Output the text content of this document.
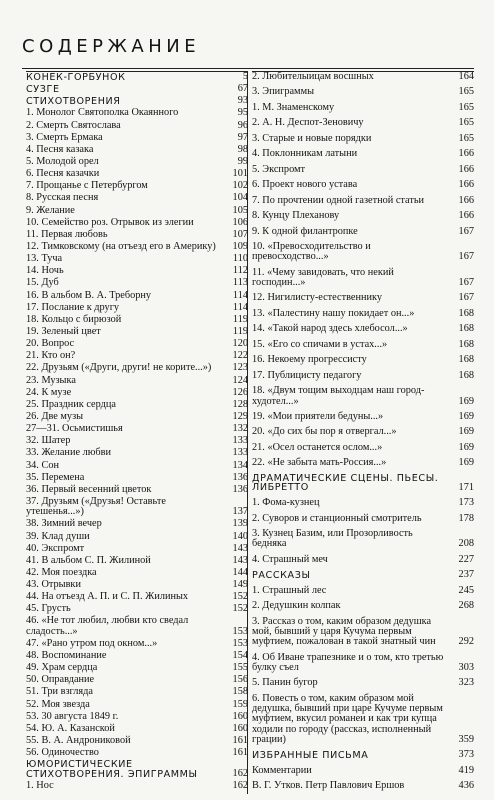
СОДЕРЖАНИЕ
КОНЕК-ГОРБУНОК	5
СУЗГЕ	67
СТИХОТВОРЕНИЯ	93
1. Монолог Святополка Окаянного	95
2. Смерть Святослава	96
3. Смерть Ермака	97
4. Песня казака	98
5. Молодой орел	99
6. Песня казачки	101
7. Прощанье с Петербургом	102
8. Русская песня	104
9. Желание	105
10. Семейство роз. Отрывок из элегии	106
11. Первая любовь	107
12. Тимковскому (на отъезд его в Америку)	109
13. Туча	110
14. Ночь	112
15. Дуб	113
16. В альбом В. А. Треборну	114
17. Послание к другу	114
18. Кольцо с бирюзой	119
19. Зеленый цвет	119
20. Вопрос	120
21. Кто он?	122
22. Друзьям («Други, други! не корите...»)	123
23. Музыка	124
24. К музе	126
25. Праздник сердца	128
26. Две музы	129
27—31. Осьмистишья	132
32. Шатер	133
33. Желание любви	133
34. Сон	134
35. Перемена	136
36. Первый весенний цветок	136
37. Друзьям («Друзья! Оставьте утешенья...»)	137
38. Зимний вечер	139
39. Клад души	140
40. Экспромт	143
41. В альбом С. П. Жилиной	143
42. Моя поездка	144
43. Отрывки	149
44. На отъезд А. П. и С. П. Жилиных	152
45. Грусть	152
46. «Не тот любил, любви кто сведал сладость...»	153
47. «Рано утром под окном...»	153
48. Воспоминание	154
49. Храм сердца	155
50. Оправдание	156
51. Три взгляда	158
52. Моя звезда	159
53. 30 августа 1849 г.	160
54. Ю. А. Казанской	160
55. В. А. Андрониковой	161
56. Одиночество	161
ЮМОРИСТИЧЕСКИЕ СТИХОТВОРЕНИЯ. ЭПИГРАММЫ	162
1. Нос	162
2. Любителыицам восшных	164
3. Эпиграммы	165
1. М. Знаменскому	165
2. А. Н. Деспот-Зеновичу	165
3. Старые и новые порядки	165
4. Поклонникам латыни	166
5. Экспромт	166
6. Проект нового устава	166
7. По прочтении одной газетной статьи	166
8. Кунцу Плеханову	166
9. К одной филантропке	167
10. «Превосходительство и превосходство...»	167
11. «Чему завидовать, что некий господин...»	167
12. Нигилисту-естественнику	167
13. «Палестину нашу покидает он...»	168
14. «Такой народ здесь хлебосол...»	168
15. «Его со спичами в устах...»	168
16. Некоему прогрессисту	168
17. Публицисту педагогу	168
18. «Двум тощим выходцам наш город-худотел...»	169
19. «Мои приятели бедуны...»	169
20. «До сих бы пор я отвергал...»	169
21. «Осел останется ослом...»	169
22. «Не забыта мать-Россия...»	169
ДРАМАТИЧЕСКИЕ СЦЕНЫ. ПЬЕСЫ. ЛИБРЕТТО	171
1. Фома-кузнец	173
2. Суворов и станционный смотритель	178
3. Кузнец Базим, или Прозорливость бедняка	208
4. Страшный меч	227
РАССКАЗЫ	237
1. Страшный лес	245
2. Дедушкин колпак	268
3. Рассказ о том, каким образом дедушка мой, бывший у царя Кучума первым муфтием, пожалован в такой знатный чин	292
4. Об Иване трапезнике и о том, кто третью булку съел	303
5. Панин бугор	323
6. Повесть о том, каким образом мой дедушка, бывший при царе Кучуме первым муфтием, вкусил романеи и как три купца ходили по городу (рассказ, исполненный грации)	359
ИЗБРАННЫЕ ПИСЬМА	373
Комментарии	419
В. Г. Утков. Петр Павлович Ершов	436
